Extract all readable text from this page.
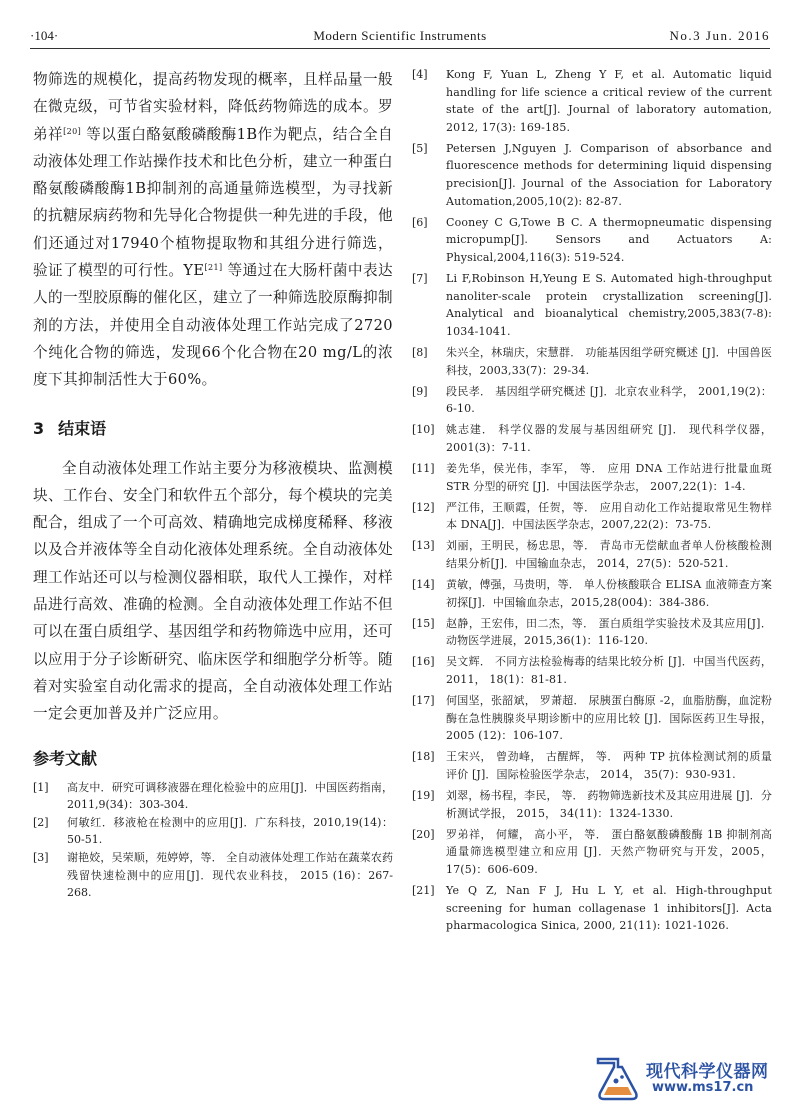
·104·	Modern Scientific Instruments	No.3 Jun. 2016

物筛选的规模化，提高药物发现的概率，且样品量一般在微克级，可节省实验材料，降低药物筛选的成本。罗弟祥[20] 等以蛋白酪氨酸磷酸酶1B作为靶点，结合全自动液体处理工作站操作技术和比色分析，建立一种蛋白酪氨酸磷酸酶1B抑制剂的高通量筛选模型，为寻找新的抗糖尿病药物和先导化合物提供一种先进的手段，他们还通过对17940个植物提取物和其组分进行筛选，验证了模型的可行性。YE[21] 等通过在大肠杆菌中表达人的一型胶原酶的催化区，建立了一种筛选胶原酶抑制剂的方法，并使用全自动液体处理工作站完成了2720个纯化合物的筛选，发现66个化合物在20 mg/L的浓度下其抑制活性大于60%。

3 结束语

全自动液体处理工作站主要分为移液模块、监测模块、工作台、安全门和软件五个部分，每个模块的完美配合，组成了一个可高效、精确地完成梯度稀释、移液以及合并液体等全自动化液体处理系统。全自动液体处理工作站还可以与检测仪器相联，取代人工操作，对样品进行高效、准确的检测。全自动液体处理工作站不但可以在蛋白质组学、基因组学和药物筛选中应用，还可以应用于分子诊断研究、临床医学和细胞学分析等。随着对实验室自动化需求的提高，全自动液体处理工作站一定会更加普及并广泛应用。

参考文献
[1]	高友中．研究可调移液器在理化检验中的应用[J]．中国医药指南，2011,9(34)：303-304.
[2]	何敏红．移液枪在检测中的应用[J]．广东科技，2010,19(14)：50-51.
[3]	谢艳姣，吴荣顺，苑婷婷，等． 全自动液体处理工作站在蔬菜农药残留快速检测中的应用[J]．现代农业科技， 2015 (16)：267-268.
[4]	Kong F, Yuan L, Zheng Y F, et al. Automatic liquid handling for life science a critical review of the current state of the art[J]. Journal of laboratory automation, 2012, 17(3): 169-185.
[5]	Petersen J,Nguyen J. Comparison of absorbance and fluorescence methods for determining liquid dispensing precision[J]. Journal of the Association for Laboratory Automation,2005,10(2): 82-87.
[6]	Cooney C G,Towe B C. A thermopneumatic dispensing micropump[J]. Sensors and Actuators A: Physical,2004,116(3): 519-524.
[7]	Li F,Robinson H,Yeung E S. Automated high-throughput nanoliter-scale protein crystallization screening[J]. Analytical and bioanalytical chemistry,2005,383(7-8): 1034-1041.
[8]	朱兴全，林瑞庆，宋慧群． 功能基因组学研究概述 [J]．中国兽医科技，2003,33(7)：29-34.
[9]	段民孝． 基因组学研究概述 [J]．北京农业科学， 2001,19(2)：6-10.
[10]	姚志建． 科学仪器的发展与基因组研究 [J]． 现代科学仪器，2001(3)：7-11.
[11]	姜先华，侯光伟，李军， 等． 应用 DNA 工作站进行批量血斑 STR 分型的研究 [J]．中国法医学杂志， 2007,22(1)：1-4.
[12]	严江伟，王顺霞，任贺，等． 应用自动化工作站提取常见生物样本 DNA[J]．中国法医学杂志，2007,22(2)：73-75.
[13]	刘丽，王明民，杨忠思，等． 青岛市无偿献血者单人份核酸检测结果分析[J]．中国输血杂志， 2014，27(5)：520-521.
[14]	黄敏，傅强，马贵明，等． 单人份核酸联合 ELISA 血液筛查方案初探[J]．中国输血杂志，2015,28(004)：384-386.
[15]	赵静，王宏伟，田二杰，等． 蛋白质组学实验技术及其应用[J]．动物医学进展，2015,36(1)：116-120.
[16]	吴文辉． 不同方法检验梅毒的结果比较分析 [J]．中国当代医药， 2011， 18(1)：81-81.
[17]	何国坚，张韶斌， 罗萧超． 尿胰蛋白酶原 -2，血脂肪酶，血淀粉酶在急性胰腺炎早期诊断中的应用比较 [J]．国际医药卫生导报， 2005 (12)：106-107.
[18]	王宋兴， 曾劲峰， 古醒辉， 等． 两种 TP 抗体检测试剂的质量评价 [J]．国际检验医学杂志， 2014， 35(7)：930-931.
[19]	刘翠，杨书程，李民， 等． 药物筛选新技术及其应用进展 [J]．分析测试学报， 2015， 34(11)：1324-1330.
[20]	罗弟祥， 何耀， 高小平， 等． 蛋白酪氨酸磷酸酶 1B 抑制剂高通量筛选模型建立和应用 [J]．天然产物研究与开发，2005， 17(5)：606-609.
[21]	Ye Q Z, Nan F J, Hu L Y, et al. High-throughput screening for human collagenase 1 inhibitors[J]. Acta pharmacologica Sinica, 2000, 21(11): 1021-1026.
现代科学仪器网
www.ms17.cn
